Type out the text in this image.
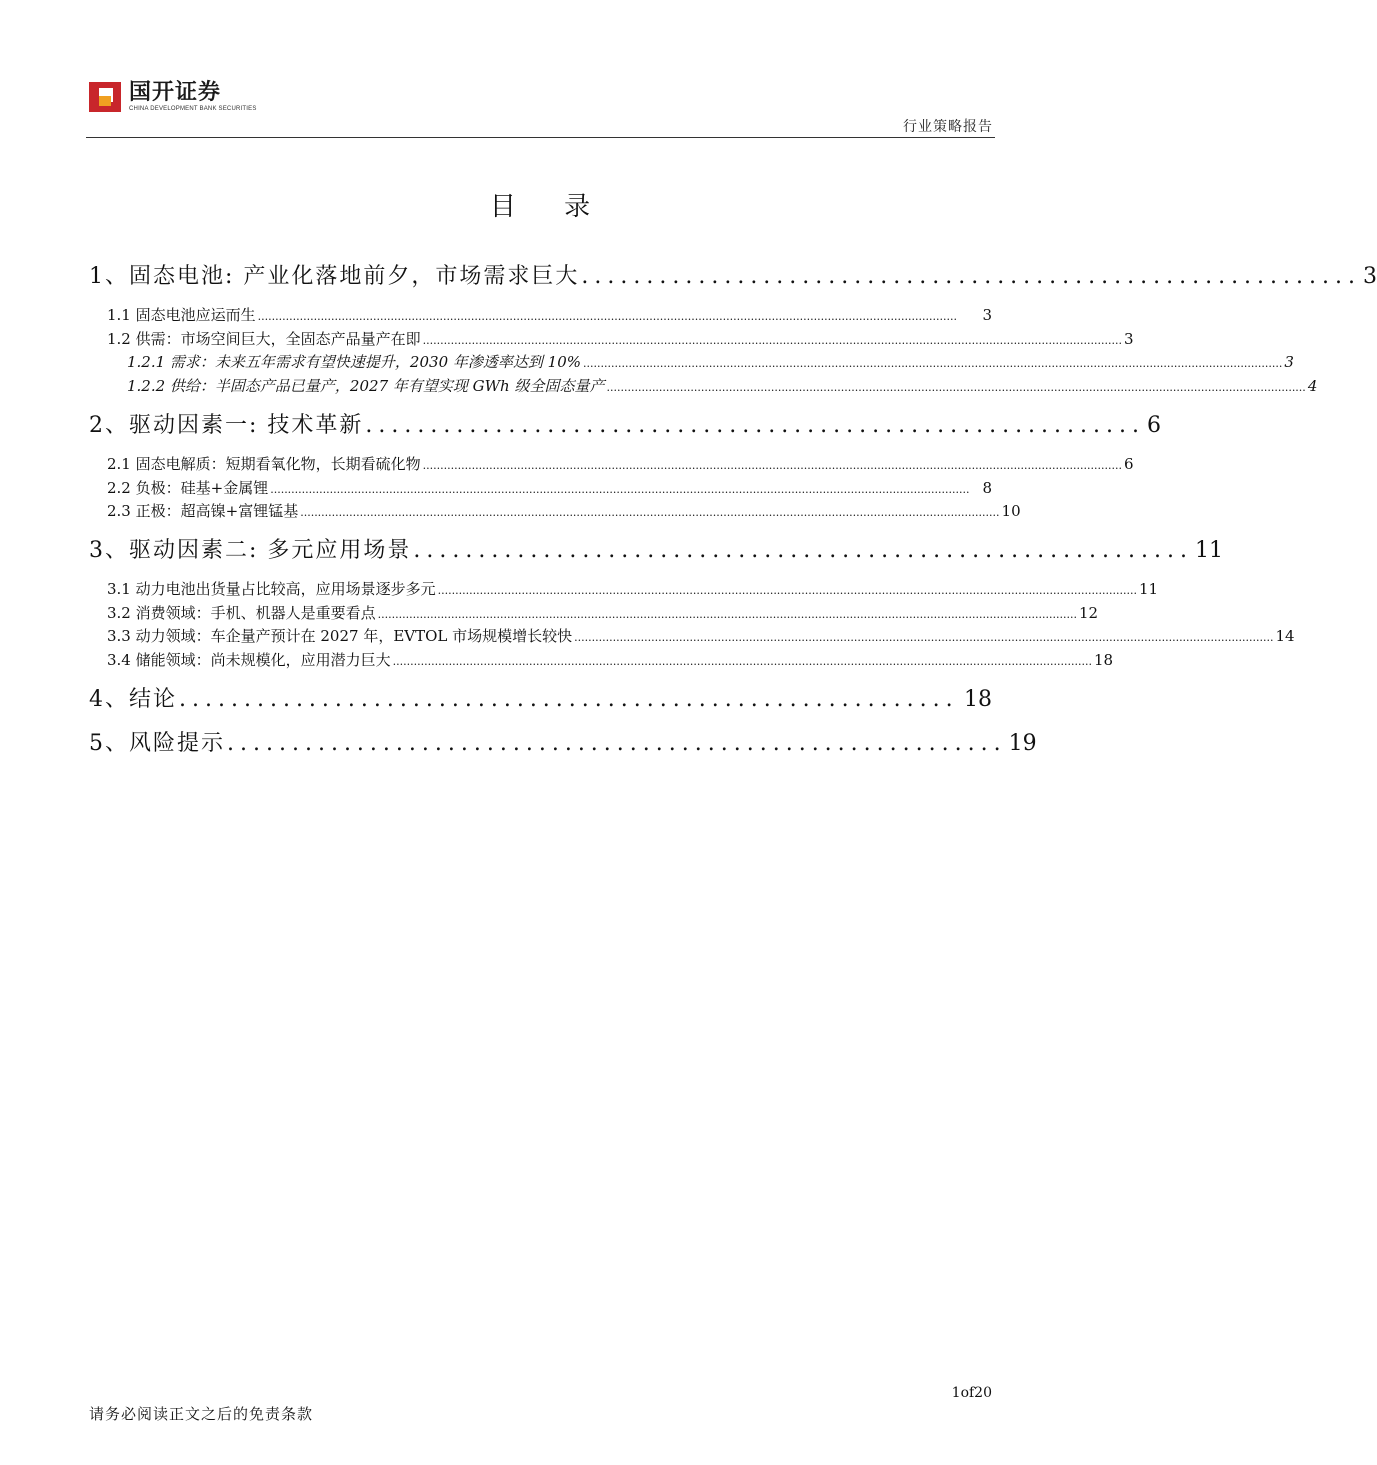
国开证券
CHINA DEVELOPMENT BANK SECURITIES
行业策略报告
目 录
1、固态电池: 产业化落地前夕，市场需求巨大 ............................................................ 3
1.1 固态电池应运而生 ........................................................................................................................................................................................................	3
1.2 供需：市场空间巨大，全固态产品量产在即 ........................................................................................................................................................................................................ 3
1.2.1 需求：未来五年需求有望快速提升，2030 年渗透率达到 10% ........................................................................................................................................................................................................ 3
1.2.2 供给：半固态产品已量产，2027 年有望实现 GWh 级全固态量产 ........................................................................................................................................................................................................ 4
2、驱动因素一: 技术革新 ............................................................ 6
2.1 固态电解质：短期看氧化物，长期看硫化物 ........................................................................................................................................................................................................ 6
2.2 负极：硅基+金属锂 ........................................................................................................................................................................................................ 8
2.3 正极：超高镍+富锂锰基 ........................................................................................................................................................................................................ 10
3、驱动因素二: 多元应用场景 ............................................................ 11
3.1 动力电池出货量占比较高，应用场景逐步多元 ........................................................................................................................................................................................................ 11
3.2 消费领域：手机、机器人是重要看点 ........................................................................................................................................................................................................ 12
3.3 动力领域：车企量产预计在 2027 年，EVTOL 市场规模增长较快 ........................................................................................................................................................................................................ 14
3.4 储能领域：尚未规模化，应用潜力巨大 ........................................................................................................................................................................................................ 18
4、结论 ............................................................ 18
5、风险提示 ............................................................ 19
1of20
请务必阅读正文之后的免责条款
